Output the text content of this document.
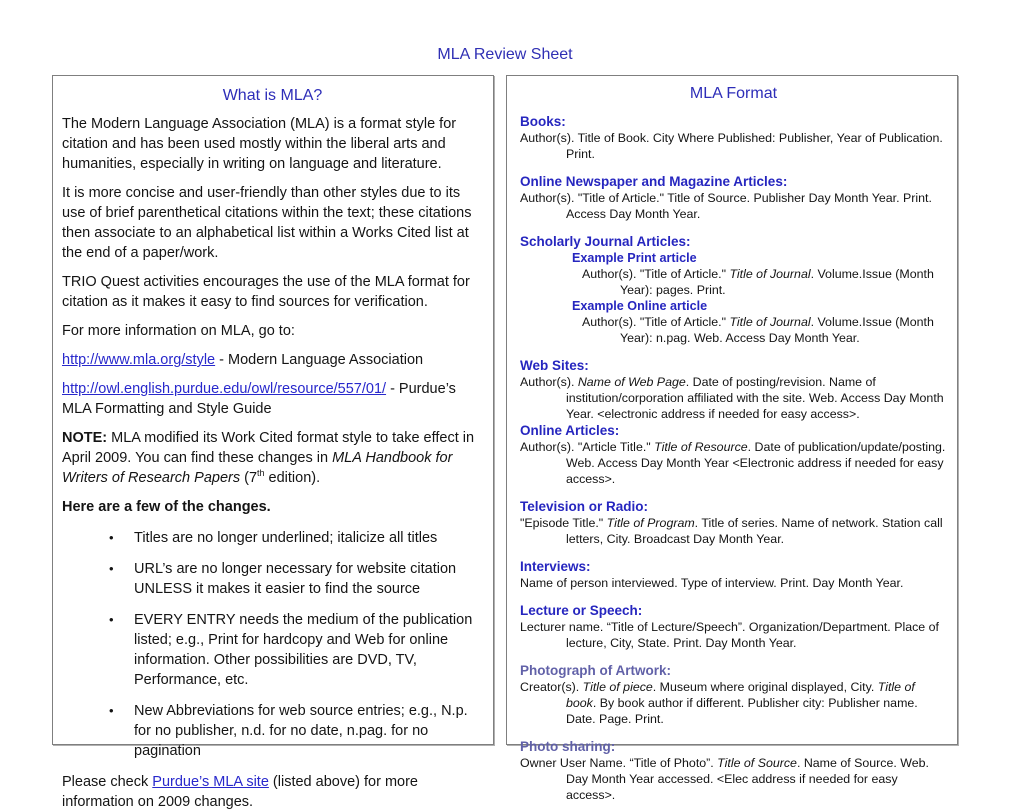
MLA Review Sheet
What is MLA?
The Modern Language Association (MLA) is a format style for citation and has been used mostly within the liberal arts and humanities, especially in writing on language and literature.
It is more concise and user-friendly than other styles due to its use of brief parenthetical citations within the text; these citations then associate to an alphabetical list within a Works Cited list at the end of a paper/work.
TRIO Quest activities encourages the use of the MLA format for citation as it makes it easy to find sources for verification.
For more information on MLA, go to:
http://www.mla.org/style - Modern Language Association
http://owl.english.purdue.edu/owl/resource/557/01/ - Purdue’s MLA Formatting and Style Guide
NOTE: MLA modified its Work Cited format style to take effect in April 2009. You can find these changes in MLA Handbook for Writers of Research Papers (7th edition).
Here are a few of the changes.
• Titles are no longer underlined; italicize all titles
• URL’s are no longer necessary for website citation UNLESS it makes it easier to find the source
• EVERY ENTRY needs the medium of the publication listed; e.g., Print for hardcopy and Web for online information. Other possibilities are DVD, TV, Performance, etc.
• New Abbreviations for web source entries; e.g., N.p. for no publisher, n.d. for no date, n.pag. for no pagination
Please check Purdue’s MLA site (listed above) for more information on 2009 changes.
MLA Format
Books:
Author(s). Title of Book. City Where Published: Publisher, Year of Publication. Print.
Online Newspaper and Magazine Articles:
Author(s). "Title of Article." Title of Source. Publisher Day Month Year. Print. Access Day Month Year.
Scholarly Journal Articles:
Example Print article
Author(s). "Title of Article." Title of Journal. Volume.Issue (Month Year): pages. Print.
Example Online article
Author(s). "Title of Article." Title of Journal. Volume.Issue (Month Year): n.pag. Web. Access Day Month Year.
Web Sites:
Author(s). Name of Web Page. Date of posting/revision. Name of institution/corporation affiliated with the site. Web. Access Day Month Year. <electronic address if needed for easy access>.
Online Articles:
Author(s). "Article Title." Title of Resource. Date of publication/update/posting. Web. Access Day Month Year <Electronic address if needed for easy access>.
Television or Radio:
"Episode Title." Title of Program. Title of series. Name of network. Station call letters, City. Broadcast Day Month Year.
Interviews:
Name of person interviewed. Type of interview. Print. Day Month Year.
Lecture or Speech:
Lecturer name. “Title of Lecture/Speech”. Organization/Department. Place of lecture, City, State. Print. Day Month Year.
Photograph of Artwork:
Creator(s). Title of piece. Museum where original displayed, City. Title of book. By book author if different. Publisher city: Publisher name. Date. Page. Print.
Photo sharing:
Owner User Name. “Title of Photo”. Title of Source. Name of Source. Web. Day Month Year accessed. <Elec address if needed for easy access>.
